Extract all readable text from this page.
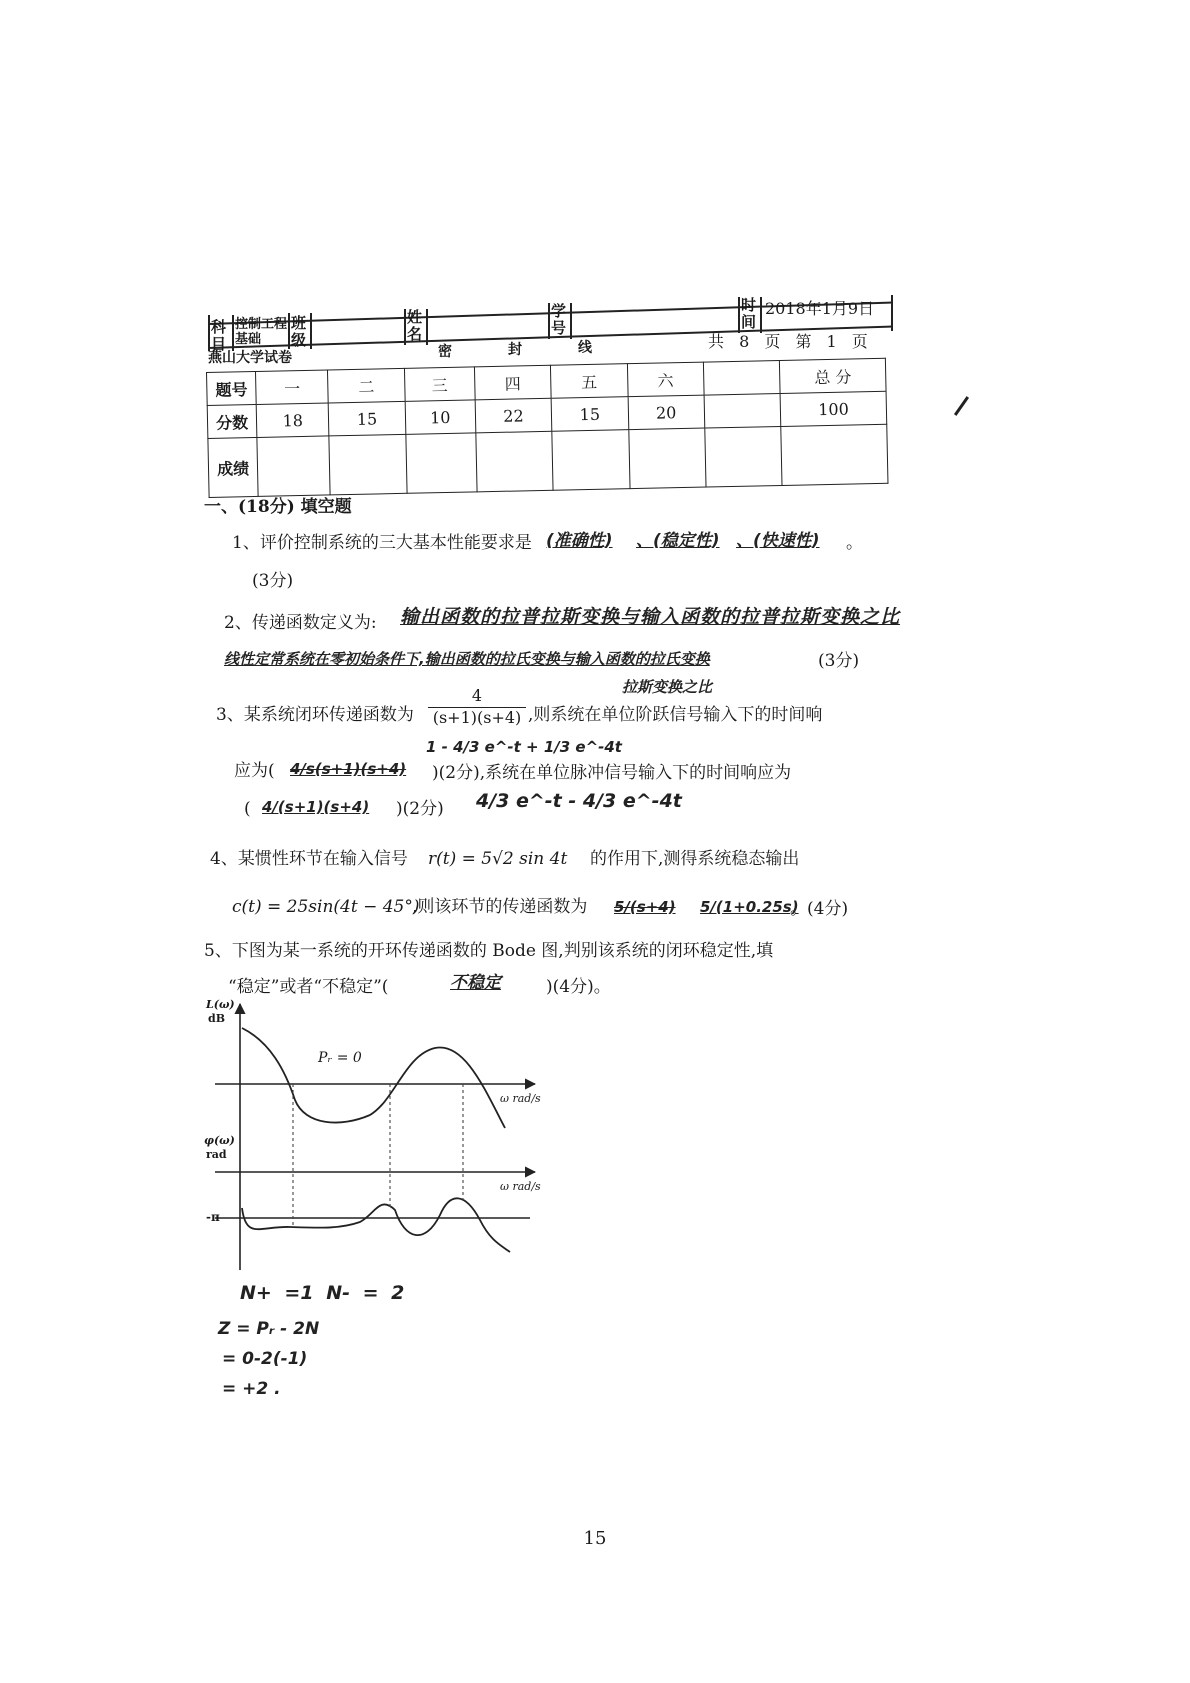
科目
控制工程基础
班级
姓名
学号
时间
2018年1月9日
燕山大学试卷	密	封	线	共 8 页 第 1 页
题号	一	二	三	四	五	六		总 分
分数	18	15	10	22	15	20		100
成绩								
一、(18分) 填空题
1、评价控制系统的三大基本性能要求是 (准确性) 、(稳定性) 、(快速性) 。
(3分)
2、传递函数定义为: 输出函数的拉普拉斯变换与输入函数的拉普拉斯变换之比
线性定常系统在零初始条件下,输出函数的拉氏变换与输入函数的拉氏变换	(3分)
拉斯变换之比
3、某系统闭环传递函数为 $\frac{4}{(s+1)(s+4)}$ ,则系统在单位阶跃信号输入下的时间响
1 - 4/3 e^-t + 1/3 e^-4t
应为( 4/s(s+1)(s+4) )(2分),系统在单位脉冲信号输入下的时间响应为
( 4/(s+1)(s+4) )(2分) 4/3 e^-t - 4/3 e^-4t
4、某惯性环节在输入信号 r(t) = 5√2 sin 4t 的作用下,测得系统稳态输出
c(t) = 25sin(4t − 45°)
,则该环节的传递函数为 5/(s+4) 5/(1+0.25s)
。(4分)
5、下图为某一系统的开环传递函数的 Bode 图,判别该系统的闭环稳定性,填
“稳定”或者“不稳定”(	不稳定	)(4分)。
L(ω)
dB
Pᵣ = 0
ω rad/s
φ(ω)
rad
ω rad/s
-π
N+ =1 N- = 2
Z = Pᵣ - 2N
= 0-2(-1)
= +2 .
15
